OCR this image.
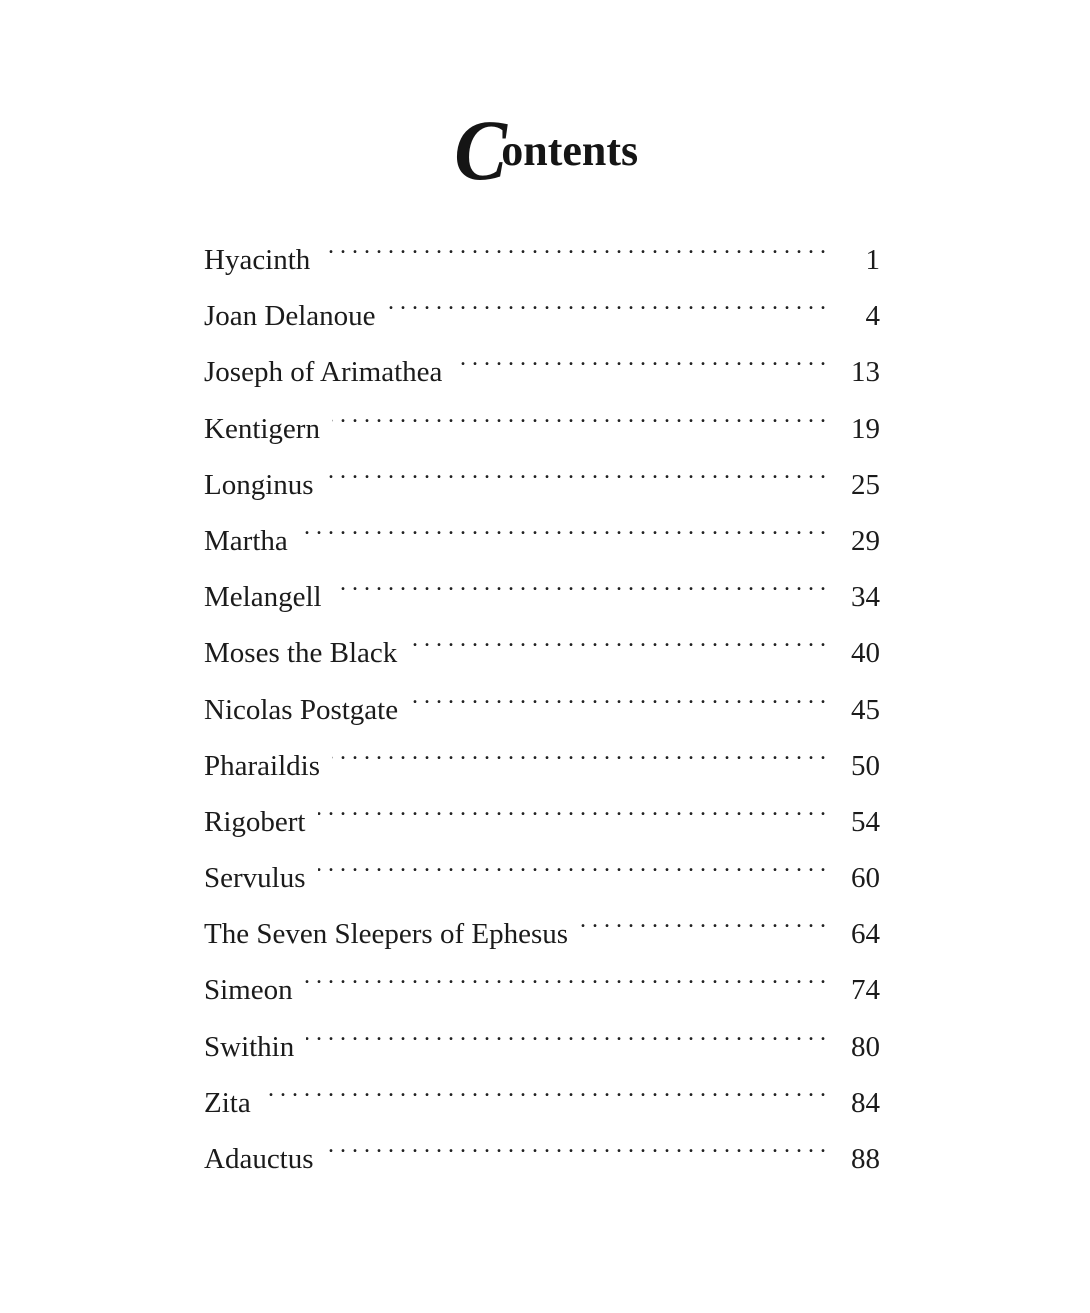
Contents
Hyacinth . . .	1
Joan Delanoue . . .	4
Joseph of Arimathea . . .	13
Kentigern . . .	19
Longinus . . .	25
Martha . . .	29
Melangell . . .	34
Moses the Black . . .	40
Nicolas Postgate . . .	45
Pharaildis . . .	50
Rigobert . . .	54
Servulus . . .	60
The Seven Sleepers of Ephesus . . .	64
Simeon . . .	74
Swithin . . .	80
Zita . . .	84
Adauctus . . .	88
